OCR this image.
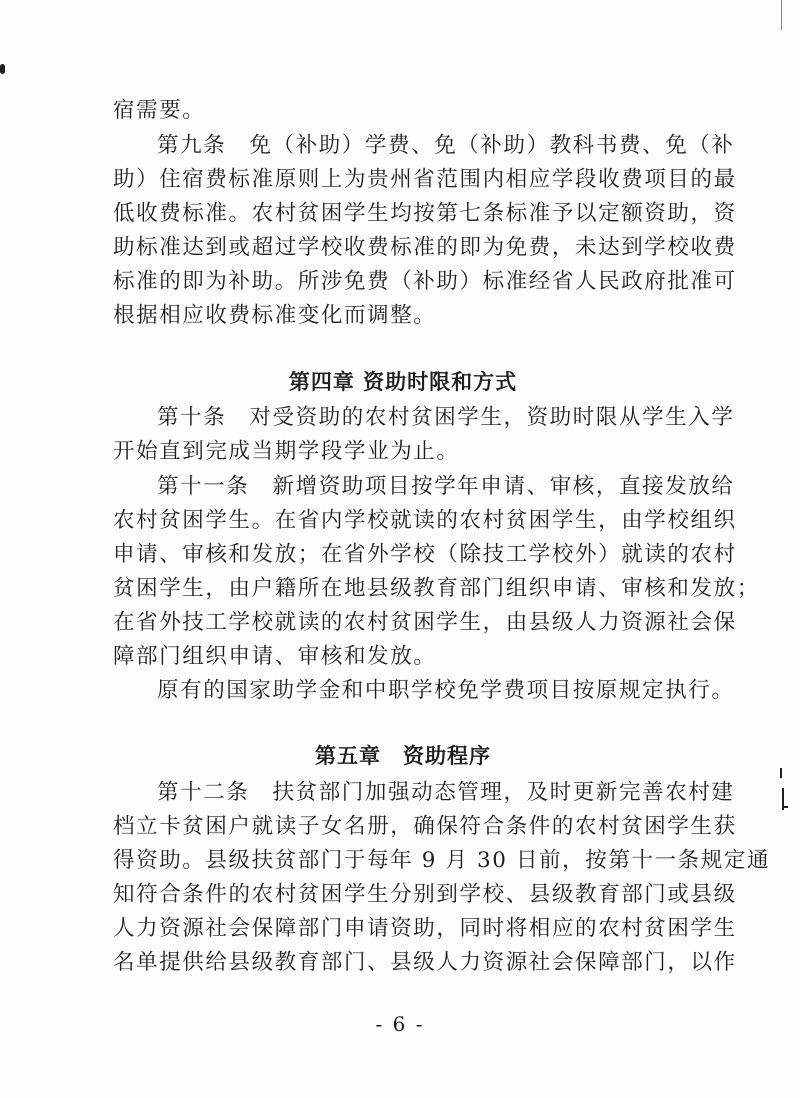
宿需要。
第九条　免（补助）学费、免（补助）教科书费、免（补
助）住宿费标准原则上为贵州省范围内相应学段收费项目的最
低收费标准。农村贫困学生均按第七条标准予以定额资助，资
助标准达到或超过学校收费标准的即为免费，未达到学校收费
标准的即为补助。所涉免费（补助）标准经省人民政府批准可
根据相应收费标准变化而调整。
第四章 资助时限和方式
第十条　对受资助的农村贫困学生，资助时限从学生入学
开始直到完成当期学段学业为止。
第十一条　新增资助项目按学年申请、审核，直接发放给
农村贫困学生。在省内学校就读的农村贫困学生，由学校组织
申请、审核和发放；在省外学校（除技工学校外）就读的农村
贫困学生，由户籍所在地县级教育部门组织申请、审核和发放；
在省外技工学校就读的农村贫困学生，由县级人力资源社会保
障部门组织申请、审核和发放。
原有的国家助学金和中职学校免学费项目按原规定执行。
第五章　资助程序
第十二条　扶贫部门加强动态管理，及时更新完善农村建
档立卡贫困户就读子女名册，确保符合条件的农村贫困学生获
得资助。县级扶贫部门于每年 9 月 30 日前，按第十一条规定通
知符合条件的农村贫困学生分别到学校、县级教育部门或县级
人力资源社会保障部门申请资助，同时将相应的农村贫困学生
名单提供给县级教育部门、县级人力资源社会保障部门，以作
- 6 -
